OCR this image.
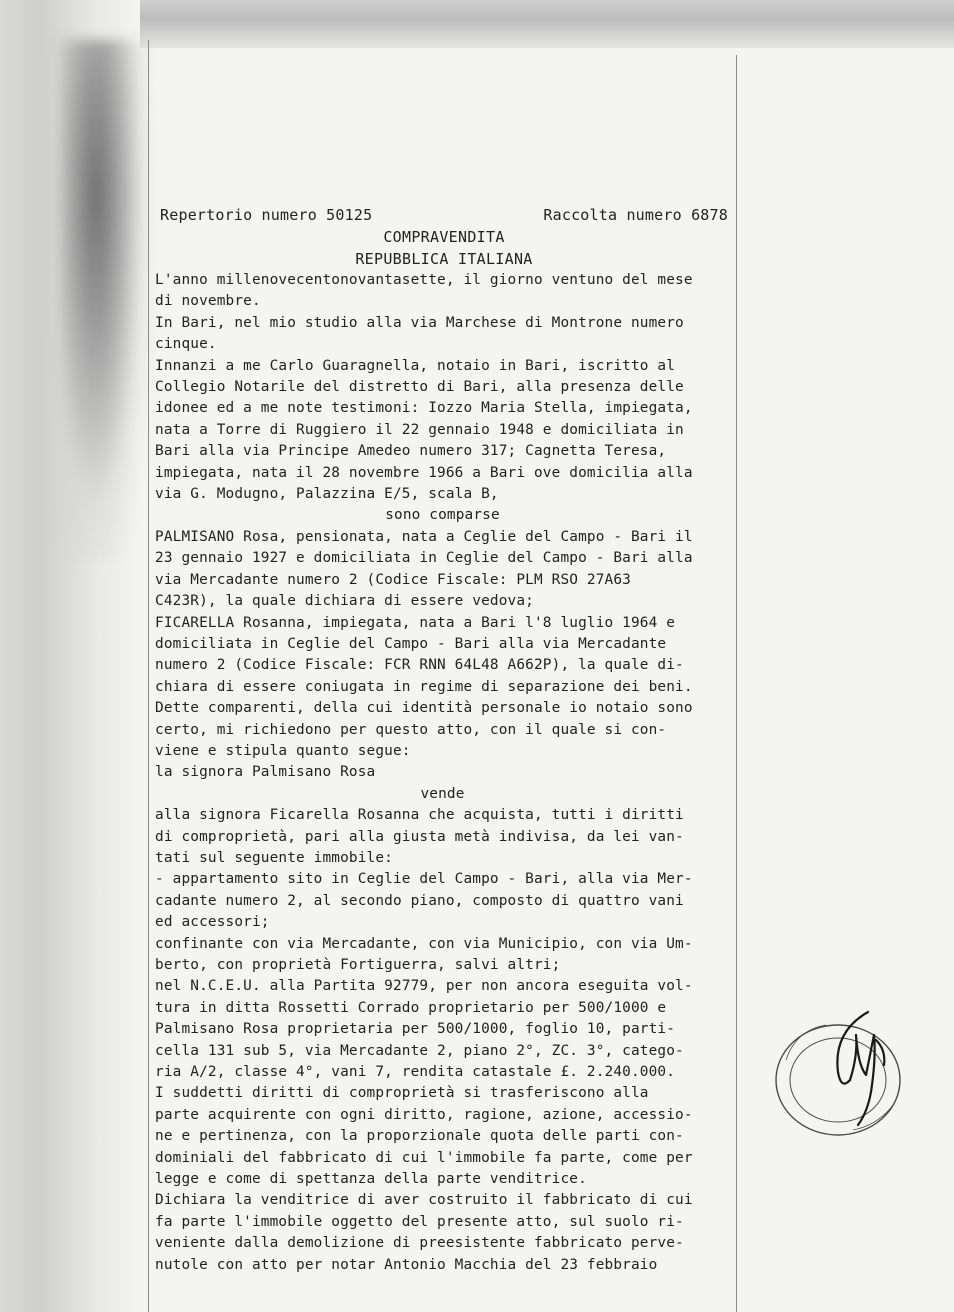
Repertorio numero 50125	Raccolta numero 6878
COMPRAVENDITA
REPUBBLICA ITALIANA

L'anno millenovecentonovantasette, il giorno ventuno del mese

di novembre.

In Bari, nel mio studio alla via Marchese di Montrone numero

cinque.

Innanzi a me Carlo Guaragnella, notaio in Bari, iscritto al

Collegio Notarile del distretto di Bari, alla presenza delle

idonee ed a me note testimoni: Iozzo Maria Stella, impiegata,

nata a Torre di Ruggiero il 22 gennaio 1948 e domiciliata in

Bari alla via Principe Amedeo numero 317; Cagnetta Teresa,

impiegata, nata il 28 novembre 1966 a Bari ove domicilia alla

via G. Modugno, Palazzina E/5, scala B,

sono comparse

PALMISANO Rosa, pensionata, nata a Ceglie del Campo - Bari il

23 gennaio 1927 e domiciliata in Ceglie del Campo - Bari alla

via Mercadante numero 2 (Codice Fiscale: PLM RSO 27A63

C423R), la quale dichiara di essere vedova;

FICARELLA Rosanna, impiegata, nata a Bari l'8 luglio 1964 e

domiciliata in Ceglie del Campo - Bari alla via Mercadante

numero 2 (Codice Fiscale: FCR RNN 64L48 A662P), la quale di-

chiara di essere coniugata in regime di separazione dei beni.

Dette comparenti, della cui identità personale io notaio sono

certo, mi richiedono per questo atto, con il quale si con-

viene e stipula quanto segue:

la signora Palmisano Rosa

vende

alla signora Ficarella Rosanna che acquista, tutti i diritti

di comproprietà, pari alla giusta metà indivisa, da lei van-

tati sul seguente immobile:

- appartamento sito in Ceglie del Campo - Bari, alla via Mer-

cadante numero 2, al secondo piano, composto di quattro vani

ed accessori;

confinante con via Mercadante, con via Municipio, con via Um-

berto, con proprietà Fortiguerra, salvi altri;

nel N.C.E.U. alla Partita 92779, per non ancora eseguita vol-

tura in ditta Rossetti Corrado proprietario per 500/1000 e

Palmisano Rosa proprietaria per 500/1000, foglio 10, parti-

cella 131 sub 5, via Mercadante 2, piano 2°, ZC. 3°, catego-

ria A/2, classe 4°, vani 7, rendita catastale £. 2.240.000.

I suddetti diritti di comproprietà si trasferiscono alla

parte acquirente con ogni diritto, ragione, azione, accessio-

ne e pertinenza, con la proporzionale quota delle parti con-

dominiali del fabbricato di cui l'immobile fa parte, come per

legge e come di spettanza della parte venditrice.

Dichiara la venditrice di aver costruito il fabbricato di cui

fa parte l'immobile oggetto del presente atto, sul suolo ri-

veniente dalla demolizione di preesistente fabbricato perve-

nutole con atto per notar Antonio Macchia del 23 febbraio
